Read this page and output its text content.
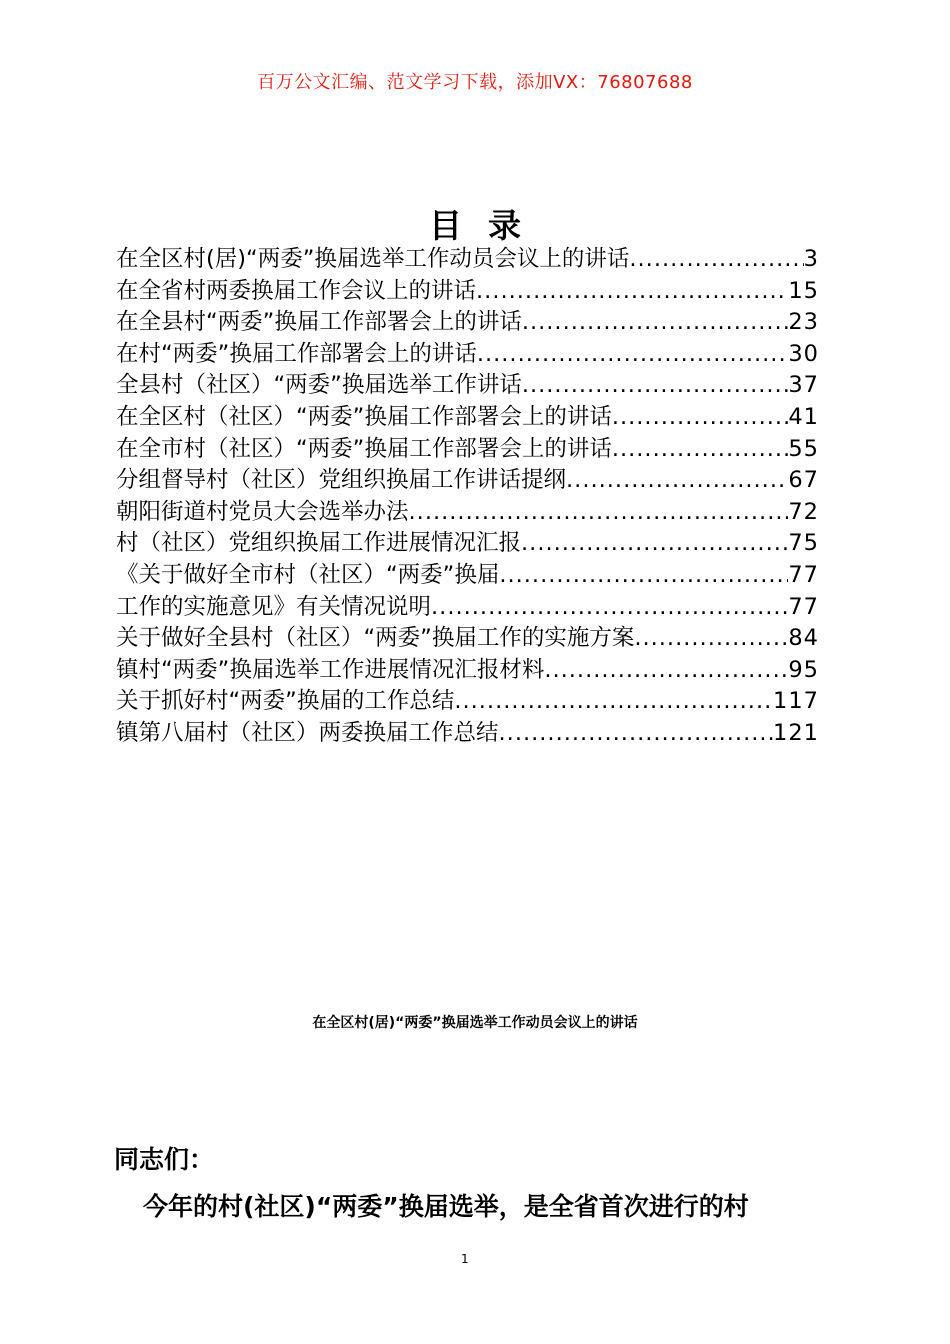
百万公文汇编、范文学习下载，添加VX：76807688
目录
在全区村(居)“两委”换届选举工作动员会议上的讲话 .....	3
在全省村两委换届工作会议上的讲话 .....	15
在全县村“两委”换届工作部署会上的讲话 .....	23
在村“两委”换届工作部署会上的讲话 .....	30
全县村（社区）“两委”换届选举工作讲话 .....	37
在全区村（社区）“两委”换届工作部署会上的讲话 .....	41
在全市村（社区）“两委”换届工作部署会上的讲话 .....	55
分组督导村（社区）党组织换届工作讲话提纲 .....	67
朝阳街道村党员大会选举办法 .....	72
村（社区）党组织换届工作进展情况汇报 .....	75
《关于做好全市村（社区）“两委”换届 .....	77
工作的实施意见》有关情况说明 .....	77
关于做好全县村（社区）“两委”换届工作的实施方案 .....	84
镇村“两委”换届选举工作进展情况汇报材料 .....	95
关于抓好村“两委”换届的工作总结 .....	117
镇第八届村（社区）两委换届工作总结 .....	121
在全区村(居)“两委”换届选举工作动员会议上的讲话
同志们：
今年的村(社区)“两委”换届选举，是全省首次进行的村
1
